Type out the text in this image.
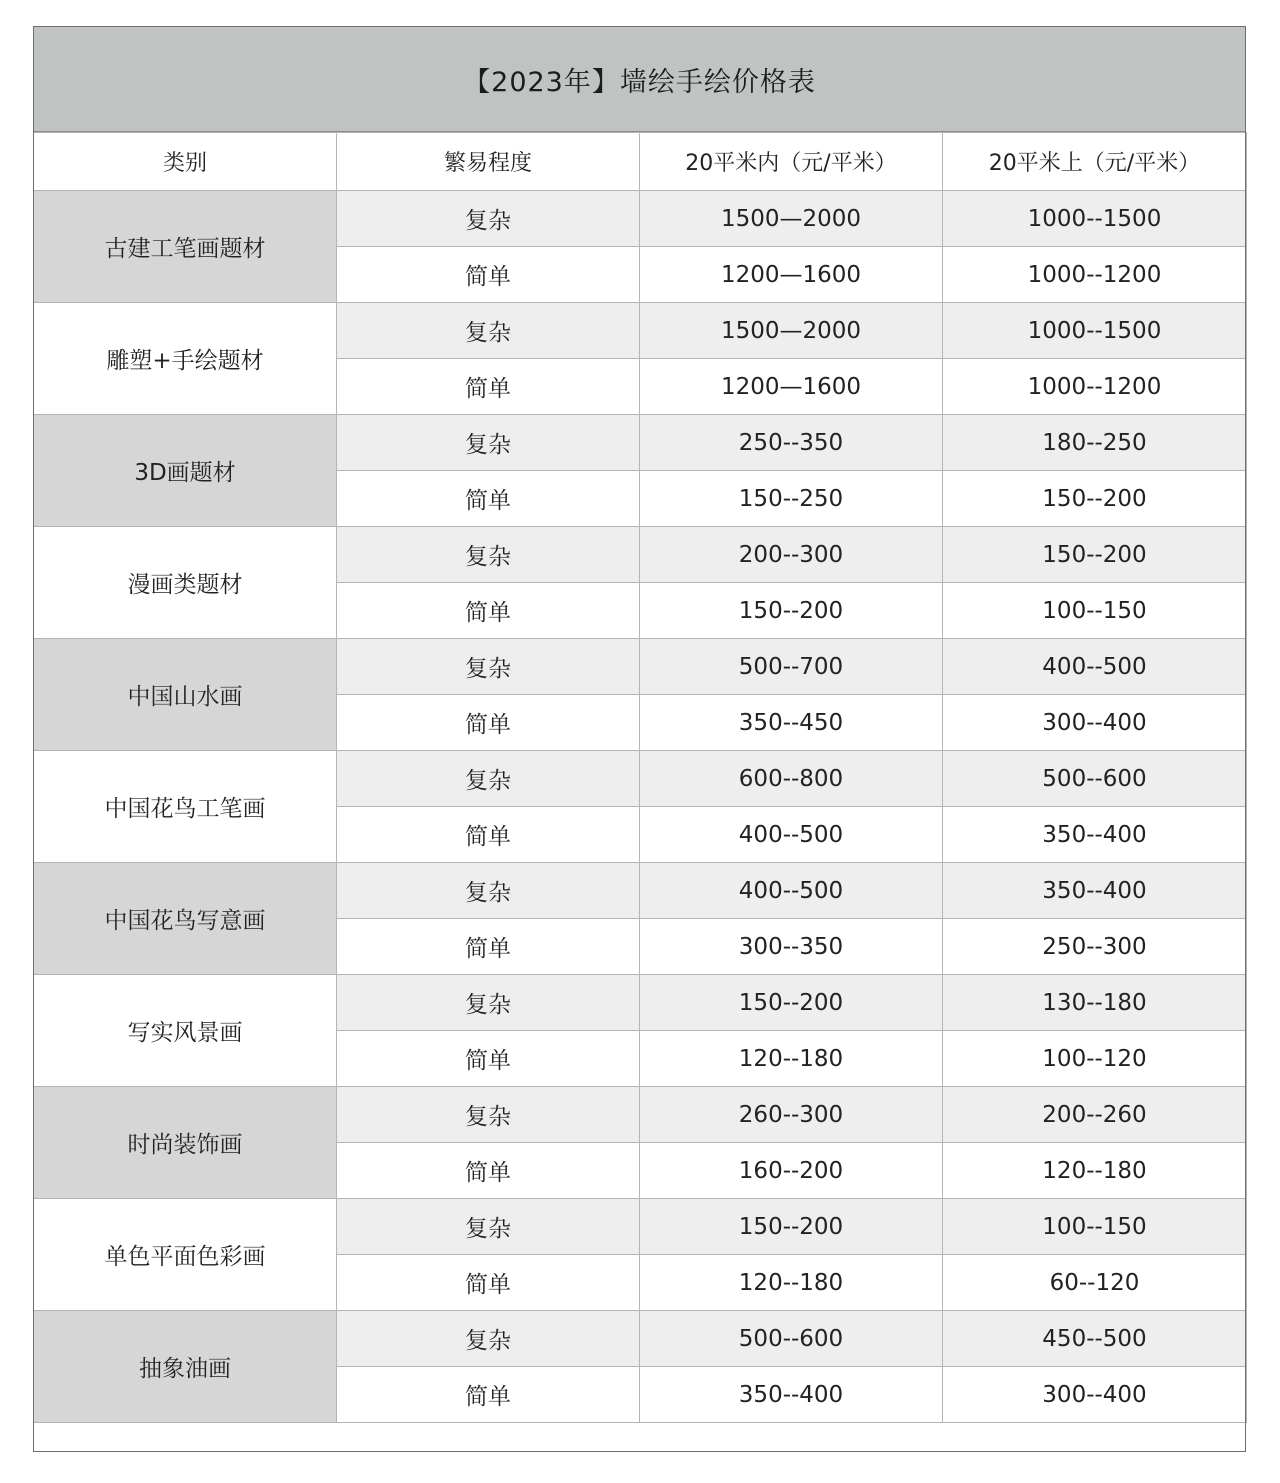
【2023年】墙绘手绘价格表
类别	繁易程度	20平米内（元/平米）	20平米上（元/平米）
古建工笔画题材	复杂	1500—2000	1000--1500
	简单	1200—1600	1000--1200
雕塑+手绘题材	复杂	1500—2000	1000--1500
	简单	1200—1600	1000--1200
3D画题材	复杂	250--350	180--250
	简单	150--250	150--200
漫画类题材	复杂	200--300	150--200
	简单	150--200	100--150
中国山水画	复杂	500--700	400--500
	简单	350--450	300--400
中国花鸟工笔画	复杂	600--800	500--600
	简单	400--500	350--400
中国花鸟写意画	复杂	400--500	350--400
	简单	300--350	250--300
写实风景画	复杂	150--200	130--180
	简单	120--180	100--120
时尚装饰画	复杂	260--300	200--260
	简单	160--200	120--180
单色平面色彩画	复杂	150--200	100--150
	简单	120--180	60--120
抽象油画	复杂	500--600	450--500
	简单	350--400	300--400
